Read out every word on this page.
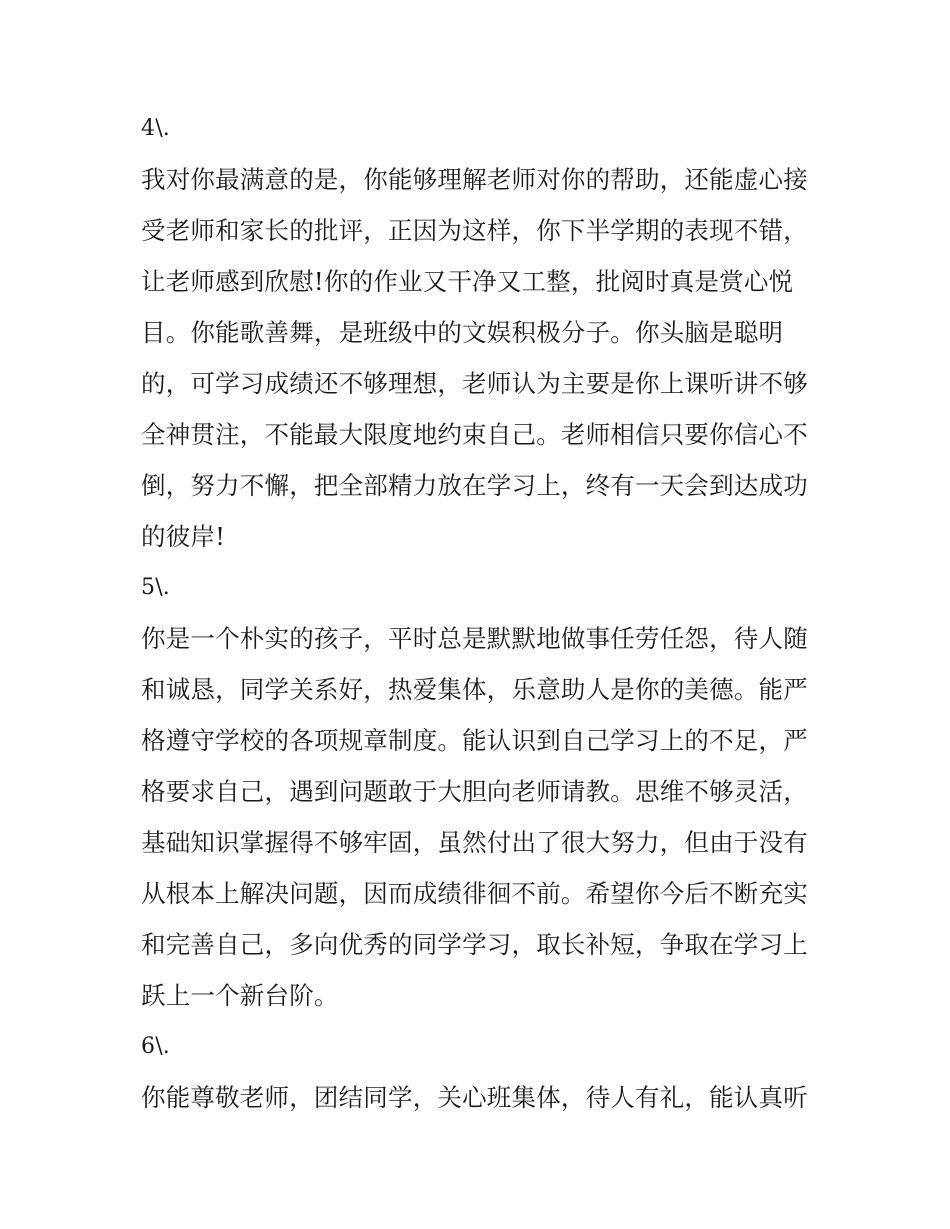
4\.
我对你最满意的是，你能够理解老师对你的帮助，还能虚心接
受老师和家长的批评，正因为这样，你下半学期的表现不错，
让老师感到欣慰!你的作业又干净又工整，批阅时真是赏心悦
目。你能歌善舞，是班级中的文娱积极分子。你头脑是聪明
的，可学习成绩还不够理想，老师认为主要是你上课听讲不够
全神贯注，不能最大限度地约束自己。老师相信只要你信心不
倒，努力不懈，把全部精力放在学习上，终有一天会到达成功
的彼岸!
5\.
你是一个朴实的孩子，平时总是默默地做事任劳任怨，待人随
和诚恳，同学关系好，热爱集体，乐意助人是你的美德。能严
格遵守学校的各项规章制度。能认识到自己学习上的不足，严
格要求自己，遇到问题敢于大胆向老师请教。思维不够灵活，
基础知识掌握得不够牢固，虽然付出了很大努力，但由于没有
从根本上解决问题，因而成绩徘徊不前。希望你今后不断充实
和完善自己，多向优秀的同学学习，取长补短，争取在学习上
跃上一个新台阶。
6\.
你能尊敬老师，团结同学，关心班集体，待人有礼，能认真听
